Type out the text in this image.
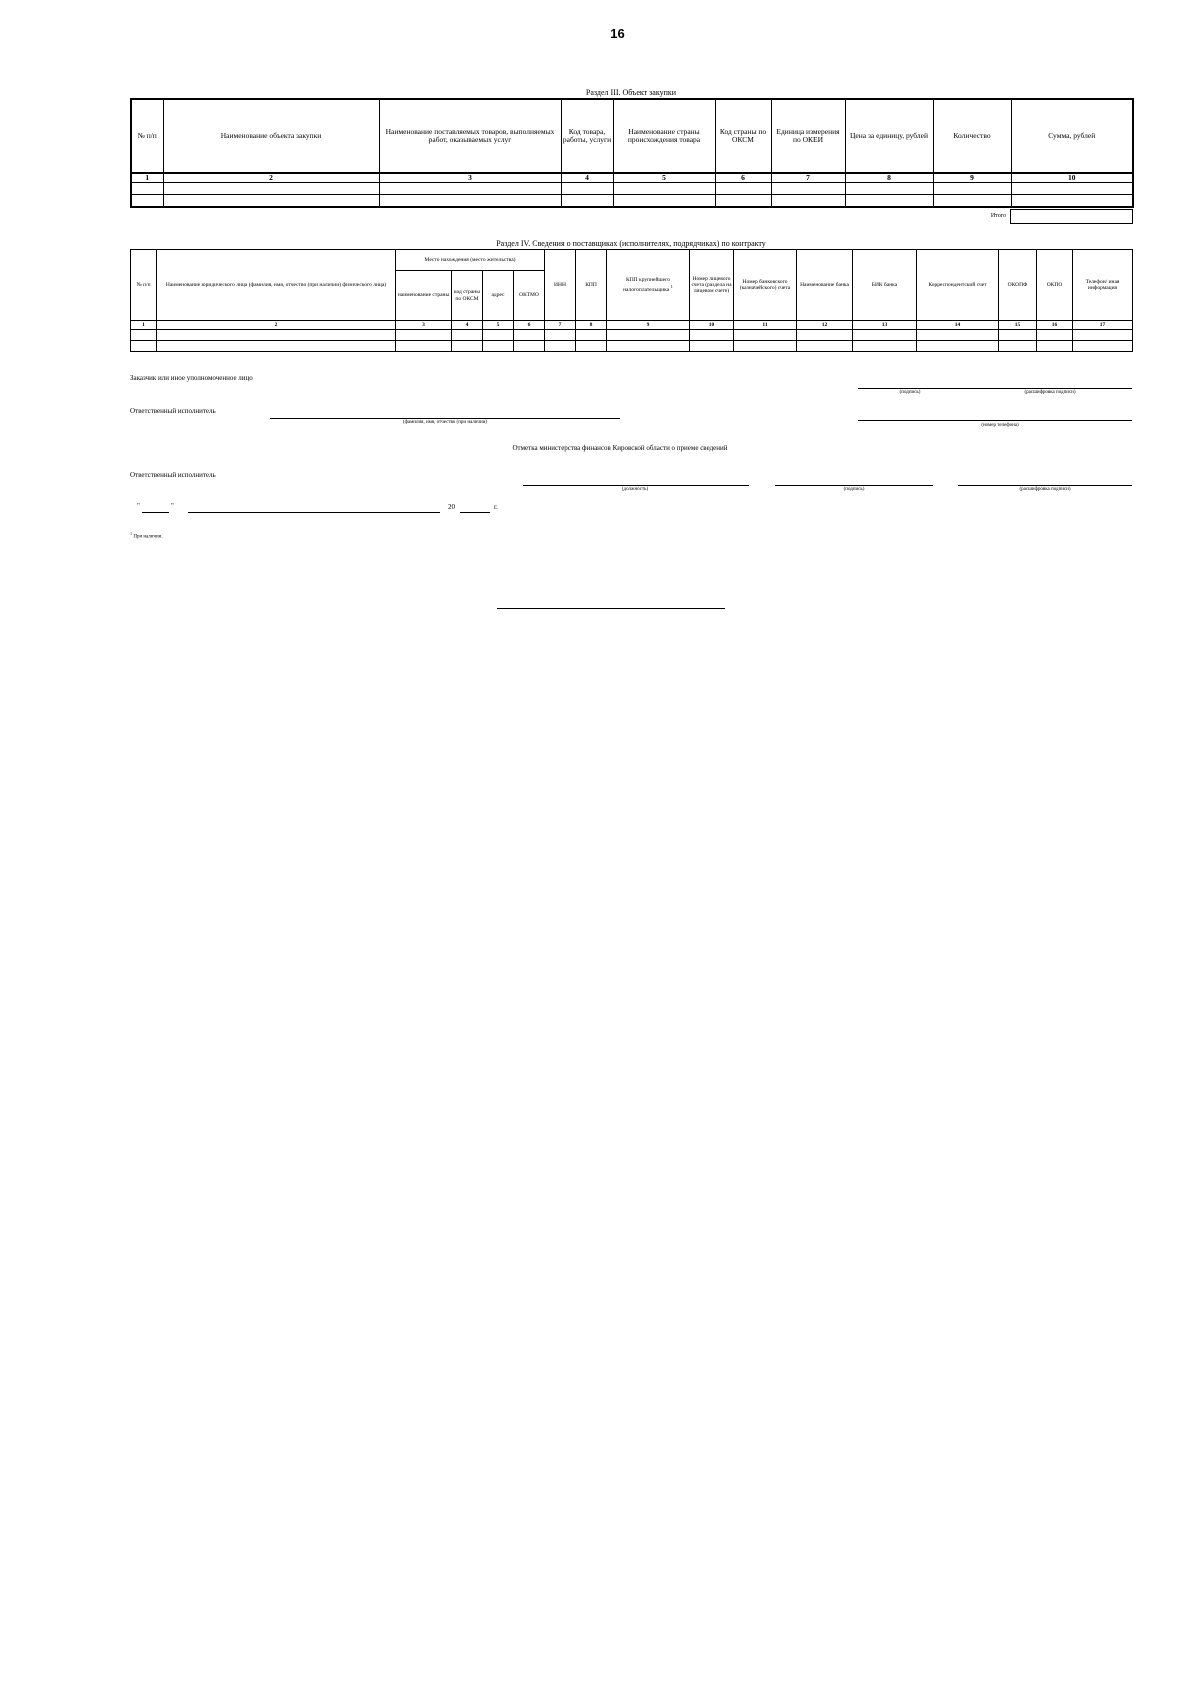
16
Раздел III. Объект закупки
№ п/п	Наименование объекта закупки	Наименование поставляемых товаров, выполняемых работ, оказываемых услуг	Код товара, работы, услуги	Наименование страны происхождения товара	Код страны по ОКСМ	Единица измерения по ОКЕИ	Цена за единицу, рублей	Количество	Сумма, рублей
1	2	3	4	5	6	7	8	9	10

Итого
Раздел IV. Сведения о поставщиках (исполнителях, подрядчиках) по контракту
№ п/п	Наименование юридического лица (фамилия, имя, отчество (при наличии) физического лица)	Место нахождения (место жительства)				ИНН	КПП	КПП крупнейшего налогоплательщика $^1$	Номер лицевого счета (раздела на лицевом счете)	Номер банковского (казначейского) счета	Наименование банка	БИК банка	Корреспондентский счет	ОКОПФ	ОКПО	Телефон/ иная информация
		наименование страны	код страны по ОКСМ	адрес	ОКТМО											
1	2	3	4	5	6	7	8	9	10	11	12	13	14	15	16	17

Заказчик или иное уполномоченное лицо
(подпись)	(расшифровка подписи)
Ответственный исполнитель
(фамилия, имя, отчество (при наличии)
(номер телефона)
Отметка министерства финансов Кировской области о приеме сведений
Ответственный исполнитель
(должность)	(подпись)	(расшифровка подписи)
"	"	20	г.
$^1$ При наличии.
